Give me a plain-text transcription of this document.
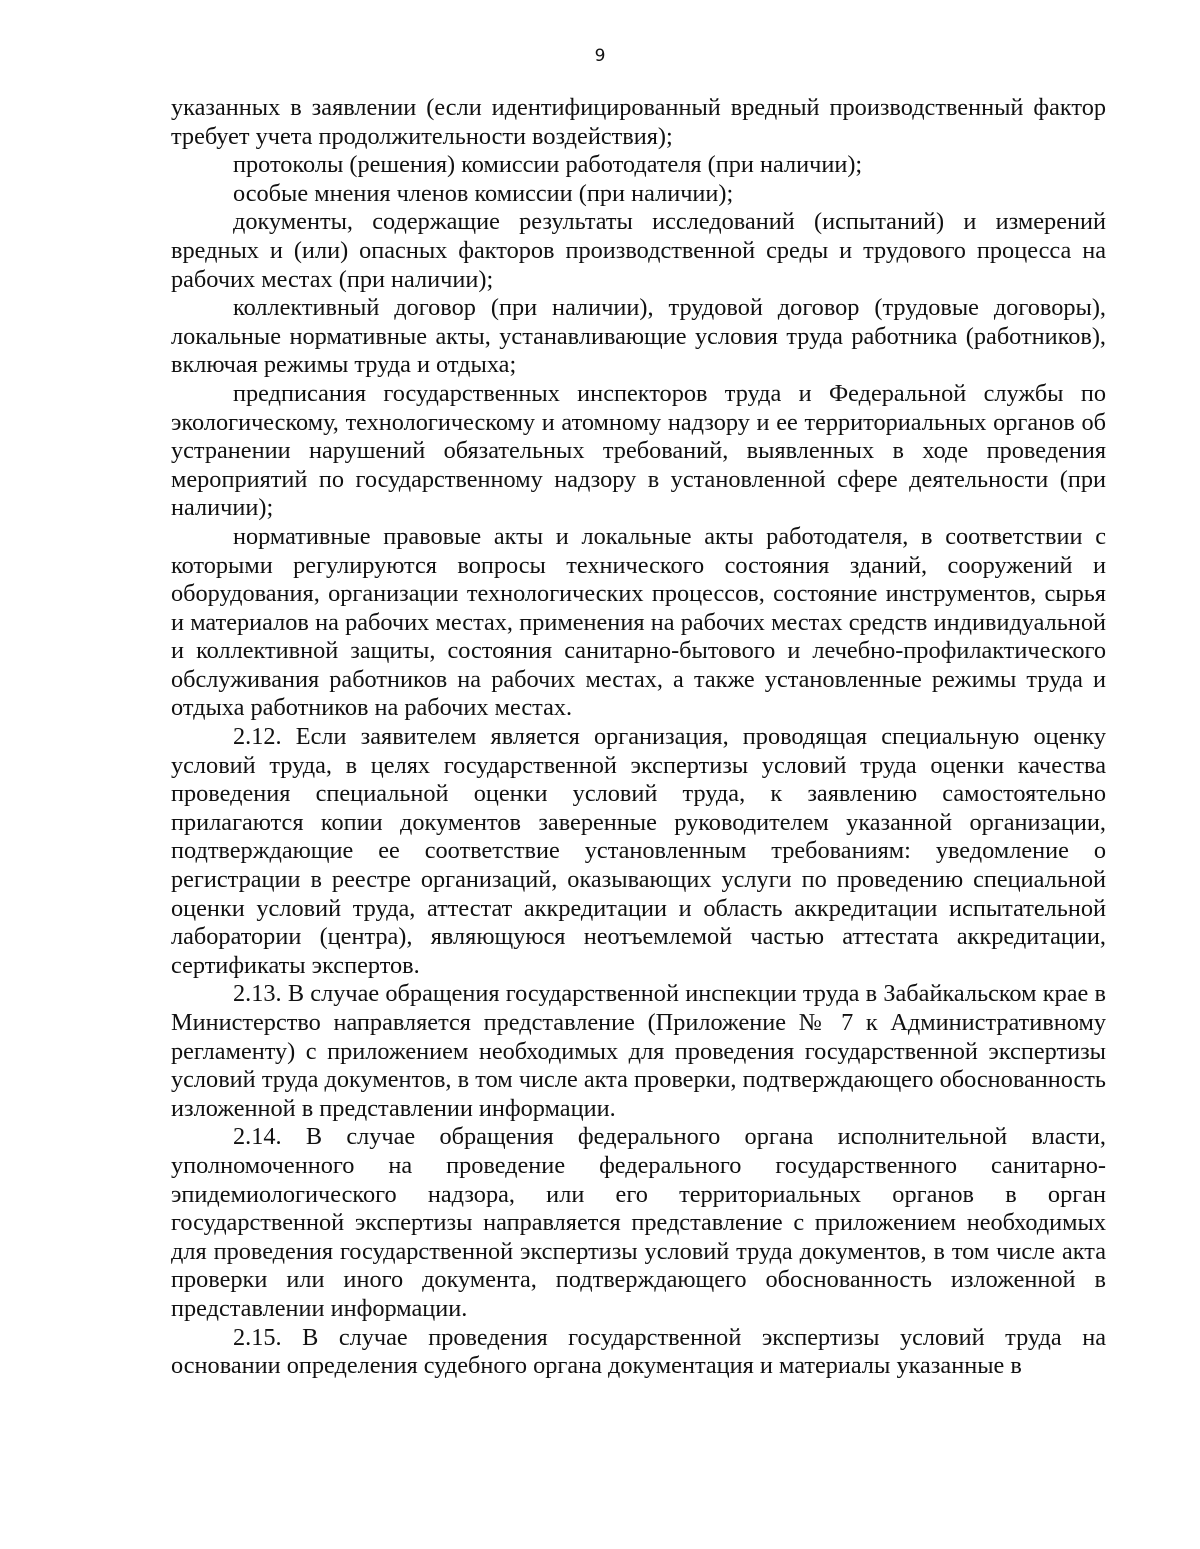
9

указанных в заявлении (если идентифицированный вредный производственный фактор требует учета продолжительности воздействия);

протоколы (решения) комиссии работодателя (при наличии);

особые мнения членов комиссии (при наличии);

документы, содержащие результаты исследований (испытаний) и измерений вредных и (или) опасных факторов производственной среды и трудового процесса на рабочих местах (при наличии);

коллективный договор (при наличии), трудовой договор (трудовые договоры), локальные нормативные акты, устанавливающие условия труда работника (работников), включая режимы труда и отдыха;

предписания государственных инспекторов труда и Федеральной службы по экологическому, технологическому и атомному надзору и ее территориальных органов об устранении нарушений обязательных требований, выявленных в ходе проведения мероприятий по государственному надзору в установленной сфере деятельности (при наличии);

нормативные правовые акты и локальные акты работодателя, в соответствии с которыми регулируются вопросы технического состояния зданий, сооружений и оборудования, организации технологических процессов, состояние инструментов, сырья и материалов на рабочих местах, применения на рабочих местах средств индивидуальной и коллективной защиты, состояния санитарно-бытового и лечебно-профилактического обслуживания работников на рабочих местах, а также установленные режимы труда и отдыха работников на рабочих местах.

2.12. Если заявителем является организация, проводящая специальную оценку условий труда, в целях государственной экспертизы условий труда оценки качества проведения специальной оценки условий труда, к заявлению самостоятельно прилагаются копии документов заверенные руководителем указанной организации, подтверждающие ее соответствие установленным требованиям: уведомление о регистрации в реестре организаций, оказывающих услуги по проведению специальной оценки условий труда, аттестат аккредитации и область аккредитации испытательной лаборатории (центра), являющуюся неотъемлемой частью аттестата аккредитации, сертификаты экспертов.

2.13. В случае обращения государственной инспекции труда в Забайкальском крае в Министерство направляется представление (Приложение № 7 к Административному регламенту) с приложением необходимых для проведения государственной экспертизы условий труда документов, в том числе акта проверки, подтверждающего обоснованность изложенной в представлении информации.

2.14. В случае обращения федерального органа исполнительной власти, уполномоченного на проведение федерального государственного санитарно-эпидемиологического надзора, или его территориальных органов в орган государственной экспертизы направляется представление с приложением необходимых для проведения государственной экспертизы условий труда документов, в том числе акта проверки или иного документа, подтверждающего обоснованность изложенной в представлении информации.

2.15. В случае проведения государственной экспертизы условий труда на основании определения судебного органа документация и материалы указанные в
